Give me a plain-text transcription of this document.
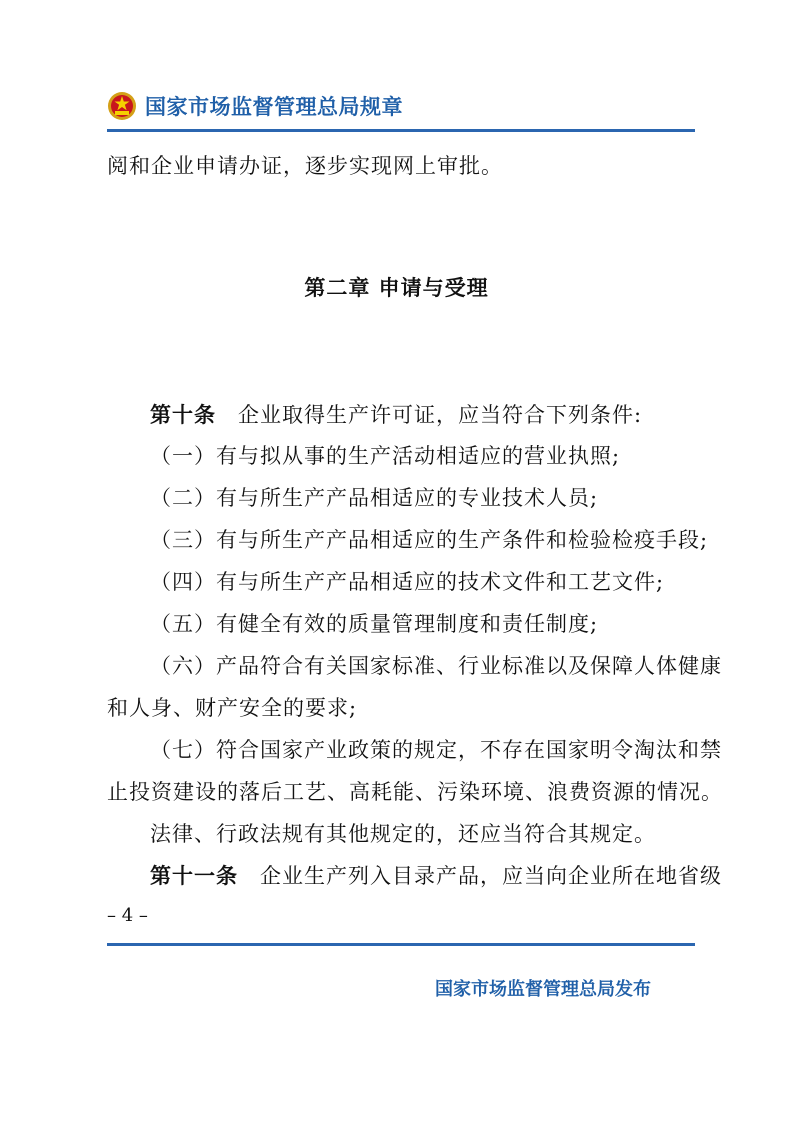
国家市场监督管理总局规章
阅和企业申请办证，逐步实现网上审批。
第二章 申请与受理
第十条　 企业取得生产许可证，应当符合下列条件:
（一）有与拟从事的生产活动相适应的营业执照;
（二）有与所生产产品相适应的专业技术人员;
（三）有与所生产产品相适应的生产条件和检验检疫手段;
（四）有与所生产产品相适应的技术文件和工艺文件;
（五）有健全有效的质量管理制度和责任制度;
（六）产品符合有关国家标准、行业标准以及保障人体健康
和人身、财产安全的要求;
（七）符合国家产业政策的规定，不存在国家明令淘汰和禁
止投资建设的落后工艺、高耗能、污染环境、浪费资源的情况。
法律、行政法规有其他规定的，还应当符合其规定。
第十一条　 企业生产列入目录产品，应当向企业所在地省级
– 4 –
国家市场监督管理总局发布
